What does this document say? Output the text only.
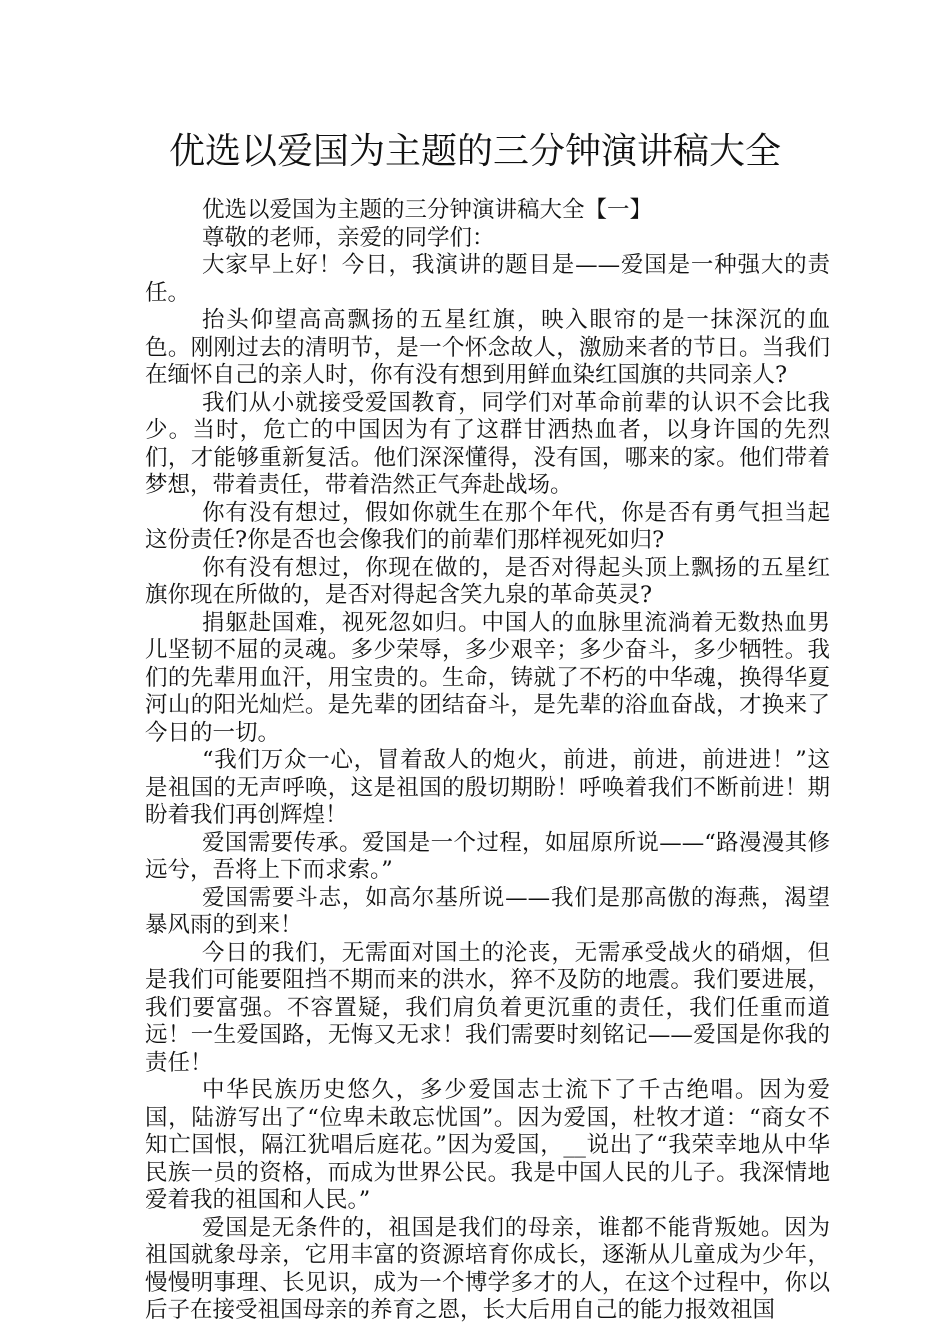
优选以爱国为主题的三分钟演讲稿大全

优选以爱国为主题的三分钟演讲稿大全【一】

尊敬的老师，亲爱的同学们：

大家早上好！今日，我演讲的题目是——爱国是一种强大的责任。

抬头仰望高高飘扬的五星红旗，映入眼帘的是一抹深沉的血色。刚刚过去的清明节，是一个怀念故人，激励来者的节日。当我们在缅怀自己的亲人时，你有没有想到用鲜血染红国旗的共同亲人?

我们从小就接受爱国教育，同学们对革命前辈的认识不会比我少。当时，危亡的中国因为有了这群甘洒热血者，以身许国的先烈们，才能够重新复活。他们深深懂得，没有国，哪来的家。他们带着梦想，带着责任，带着浩然正气奔赴战场。

你有没有想过，假如你就生在那个年代，你是否有勇气担当起这份责任?你是否也会像我们的前辈们那样视死如归?

你有没有想过，你现在做的，是否对得起头顶上飘扬的五星红旗你现在所做的，是否对得起含笑九泉的革命英灵?

捐躯赴国难，视死忽如归。中国人的血脉里流淌着无数热血男儿坚韧不屈的灵魂。多少荣辱，多少艰辛；多少奋斗，多少牺牲。我们的先辈用血汗，用宝贵的。生命，铸就了不朽的中华魂，换得华夏河山的阳光灿烂。是先辈的团结奋斗，是先辈的浴血奋战，才换来了今日的一切。

“我们万众一心，冒着敌人的炮火，前进，前进，前进进！”这是祖国的无声呼唤，这是祖国的殷切期盼！呼唤着我们不断前进！期盼着我们再创辉煌！

爱国需要传承。爱国是一个过程，如屈原所说——“路漫漫其修远兮，吾将上下而求索。”

爱国需要斗志，如高尔基所说——我们是那高傲的海燕，渴望暴风雨的到来！

今日的我们，无需面对国土的沦丧，无需承受战火的硝烟，但是我们可能要阻挡不期而来的洪水，猝不及防的地震。我们要进展，我们要富强。不容置疑，我们肩负着更沉重的责任，我们任重而道远！一生爱国路，无悔又无求！我们需要时刻铭记——爱国是你我的责任！

中华民族历史悠久，多少爱国志士流下了千古绝唱。因为爱国，陆游写出了“位卑未敢忘忧国”。因为爱国，杜牧才道：“商女不知亡国恨，隔江犹唱后庭花。”因为爱国，__说出了“我荣幸地从中华民族一员的资格，而成为世界公民。我是中国人民的儿子。我深情地爱着我的祖国和人民。”

爱国是无条件的，祖国是我们的母亲，谁都不能背叛她。因为祖国就象母亲，它用丰富的资源培育你成长，逐渐从儿童成为少年，慢慢明事理、长见识，成为一个博学多才的人，在这个过程中，你以后子在接受祖国母亲的养育之恩，长大后用自己的能力报效祖国
